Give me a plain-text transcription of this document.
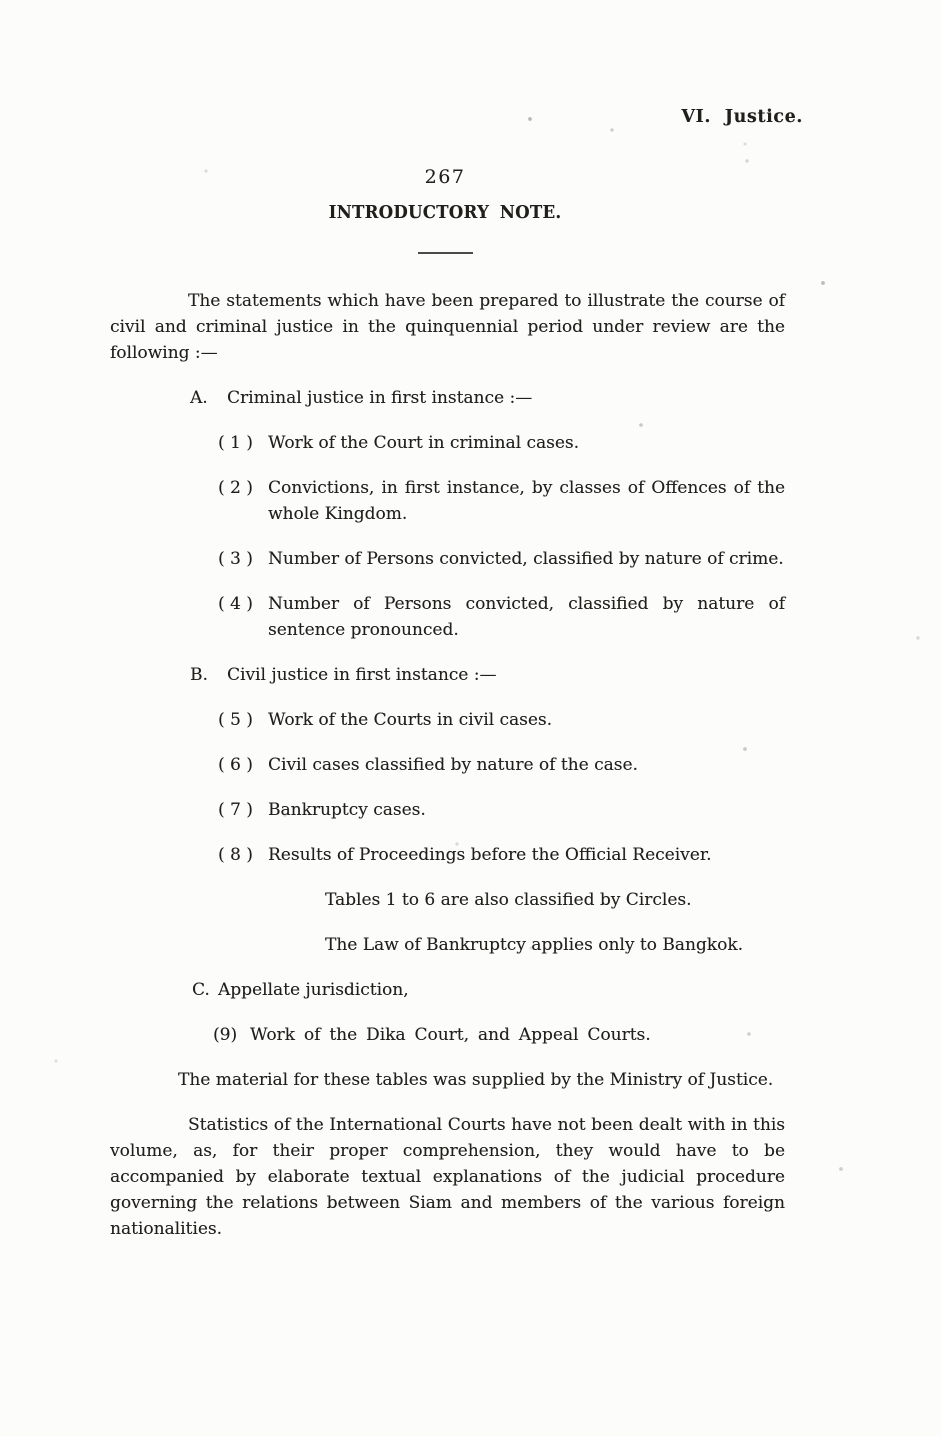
VI. Justice.
267
INTRODUCTORY NOTE.

The statements which have been prepared to illustrate the course of civil and criminal justice in the quinquennial period under review are the following :—

A.	Criminal justice in first instance :—
( 1 ) Work of the Court in criminal cases.
( 2 ) Convictions, in first instance, by classes of Offences of the whole Kingdom.
( 3 ) Number of Persons convicted, classified by nature of crime.
( 4 ) Number of Persons convicted, classified by nature of sentence pronounced.
B.	Civil justice in first instance :—
( 5 ) Work of the Courts in civil cases.
( 6 ) Civil cases classified by nature of the case.
( 7 ) Bankruptcy cases.
( 8 ) Results of Proceedings before the Official Receiver.

Tables 1 to 6 are also classified by Circles.

The Law of Bankruptcy applies only to Bangkok.

C. Appellate jurisdiction,
(9) Work of the Dika Court, and Appeal Courts.

The material for these tables was supplied by the Ministry of Justice.

Statistics of the International Courts have not been dealt with in this volume, as, for their proper comprehension, they would have to be accompanied by elaborate textual explanations of the judicial procedure governing the relations between Siam and members of the various foreign nationalities.
